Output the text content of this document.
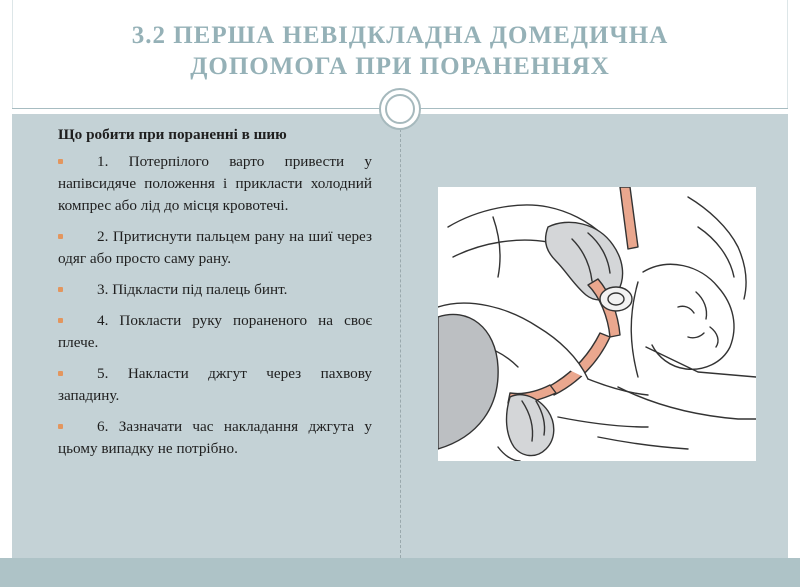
3.2 ПЕРША НЕВІДКЛАДНА ДОМЕДИЧНА
ДОПОМОГА ПРИ ПОРАНЕННЯХ
Що робити при пораненні в шию
1. Потерпілого варто привести у напівсидяче положення і прикласти холодний компрес або лід до місця кровотечі.
2. Притиснути пальцем рану на шиї через одяг або просто саму рану.
3. Підкласти під палець бинт.
4. Покласти руку пораненого на своє плече.
5. Накласти джгут через пахвову западину.
6. Зазначати час накладання джгута у цьому випадку не потрібно.
